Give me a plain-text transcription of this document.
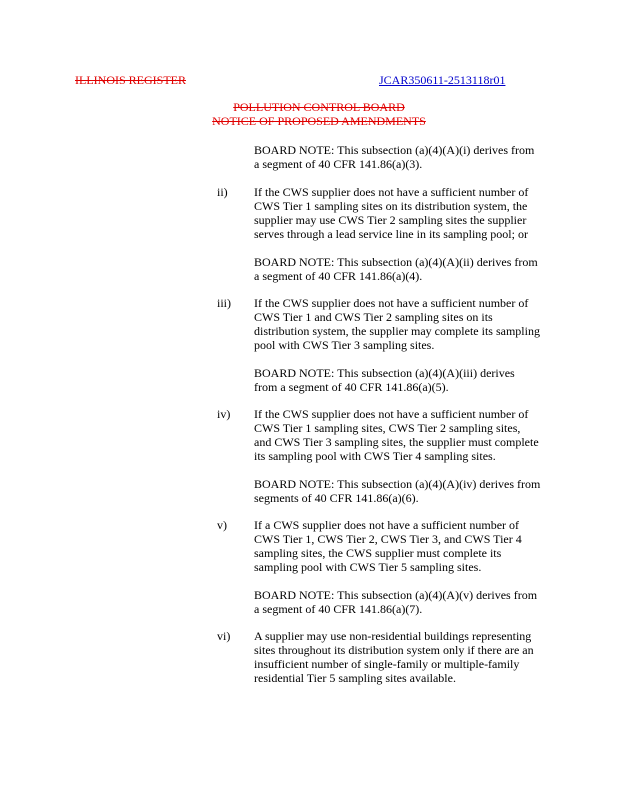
ILLINOIS REGISTER	JCAR350611-2513118r01
POLLUTION CONTROL BOARD
NOTICE OF PROPOSED AMENDMENTS
BOARD NOTE: This subsection (a)(4)(A)(i) derives from
a segment of 40 CFR 141.86(a)(3).
ii) If the CWS supplier does not have a sufficient number of
CWS Tier 1 sampling sites on its distribution system, the
supplier may use CWS Tier 2 sampling sites the supplier
serves through a lead service line in its sampling pool; or
BOARD NOTE: This subsection (a)(4)(A)(ii) derives from
a segment of 40 CFR 141.86(a)(4).
iii) If the CWS supplier does not have a sufficient number of
CWS Tier 1 and CWS Tier 2 sampling sites on its
distribution system, the supplier may complete its sampling
pool with CWS Tier 3 sampling sites.
BOARD NOTE: This subsection (a)(4)(A)(iii) derives
from a segment of 40 CFR 141.86(a)(5).
iv) If the CWS supplier does not have a sufficient number of
CWS Tier 1 sampling sites, CWS Tier 2 sampling sites,
and CWS Tier 3 sampling sites, the supplier must complete
its sampling pool with CWS Tier 4 sampling sites.
BOARD NOTE: This subsection (a)(4)(A)(iv) derives from
segments of 40 CFR 141.86(a)(6).
v) If a CWS supplier does not have a sufficient number of
CWS Tier 1, CWS Tier 2, CWS Tier 3, and CWS Tier 4
sampling sites, the CWS supplier must complete its
sampling pool with CWS Tier 5 sampling sites.
BOARD NOTE: This subsection (a)(4)(A)(v) derives from
a segment of 40 CFR 141.86(a)(7).
vi) A supplier may use non-residential buildings representing
sites throughout its distribution system only if there are an
insufficient number of single-family or multiple-family
residential Tier 5 sampling sites available.
